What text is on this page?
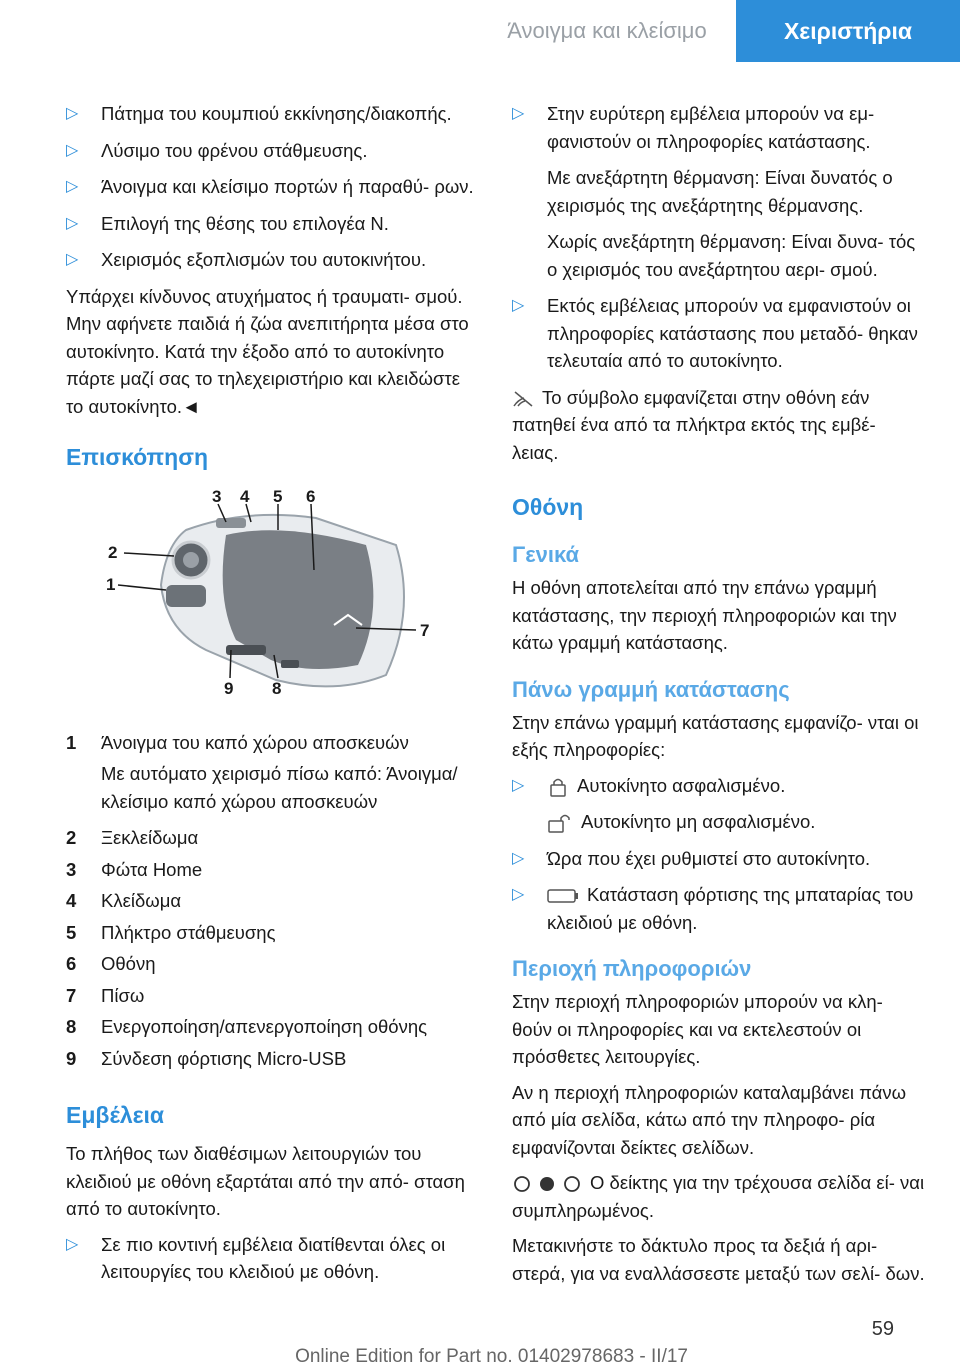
Άνοιγμα και κλείσιμο	Χειριστήρια
▷ Πάτημα του κουμπιού εκκίνησης/διακοπής.
▷ Λύσιμο του φρένου στάθμευσης.
▷ Άνοιγμα και κλείσιμο πορτών ή παραθύ‐ ρων.
▷ Επιλογή της θέσης του επιλογέα N.
▷ Χειρισμός εξοπλισμών του αυτοκινήτου.

Υπάρχει κίνδυνος ατυχήματος ή τραυματι‐ σμού. Μην αφήνετε παιδιά ή ζώα ανεπιτήρητα μέσα στο αυτοκίνητο. Κατά την έξοδο από το αυτοκίνητο πάρτε μαζί σας το τηλεχειριστήριο και κλειδώστε το αυτοκίνητο.◄

Επισκόπηση
1
2
3 4 5 6
7
8
9
1	Άνοιγμα του καπό χώρου αποσκευών
Με αυτόματο χειρισμό πίσω καπό: Άνοιγμα/κλείσιμο καπό χώρου αποσκευών
2	Ξεκλείδωμα
3	Φώτα Home
4	Κλείδωμα
5	Πλήκτρο στάθμευσης
6	Οθόνη
7	Πίσω
8	Ενεργοποίηση/απενεργοποίηση οθόνης
9	Σύνδεση φόρτισης Micro-USB
Εμβέλεια

Το πλήθος των διαθέσιμων λειτουργιών του κλειδιού με οθόνη εξαρτάται από την από‐ σταση από το αυτοκίνητο.

▷ Σε πιο κοντινή εμβέλεια διατίθενται όλες οι λειτουργίες του κλειδιού με οθόνη.
▷ Στην ευρύτερη εμβέλεια μπορούν να εμ‐ φανιστούν οι πληροφορίες κατάστασης.
Με ανεξάρτητη θέρμανση: Είναι δυνατός ο χειρισμός της ανεξάρτητης θέρμανσης.
Χωρίς ανεξάρτητη θέρμανση: Είναι δυνα‐ τός ο χειρισμός του ανεξάρτητου αερι‐ σμού.
▷ Εκτός εμβέλειας μπορούν να εμφανιστούν οι πληροφορίες κατάστασης που μεταδό‐ θηκαν τελευταία από το αυτοκίνητο.

Το σύμβολο εμφανίζεται στην οθόνη εάν πατηθεί ένα από τα πλήκτρα εκτός της εμβέ‐ λειας.

Οθόνη
Γενικά

Η οθόνη αποτελείται από την επάνω γραμμή κατάστασης, την περιοχή πληροφοριών και την κάτω γραμμή κατάστασης.

Πάνω γραμμή κατάστασης

Στην επάνω γραμμή κατάστασης εμφανίζο‐ νται οι εξής πληροφορίες:

▷	Αυτοκίνητο ασφαλισμένο.
Αυτοκίνητο μη ασφαλισμένο.
▷ Ώρα που έχει ρυθμιστεί στο αυτοκίνητο.
▷	Κατάσταση φόρτισης της μπαταρίας του κλειδιού με οθόνη.
Περιοχή πληροφοριών

Στην περιοχή πληροφοριών μπορούν να κλη‐ θούν οι πληροφορίες και να εκτελεστούν οι πρόσθετες λειτουργίες.

Αν η περιοχή πληροφοριών καταλαμβάνει πάνω από μία σελίδα, κάτω από την πληροφο‐ ρία εμφανίζονται δείκτες σελίδων.

Ο δείκτης για την τρέχουσα σελίδα εί‐ ναι συμπληρωμένος.

Μετακινήστε το δάκτυλο προς τα δεξιά ή αρι‐ στερά, για να εναλλάσσεστε μεταξύ των σελί‐ δων.

59
Online Edition for Part no. 01402978683 - II/17
